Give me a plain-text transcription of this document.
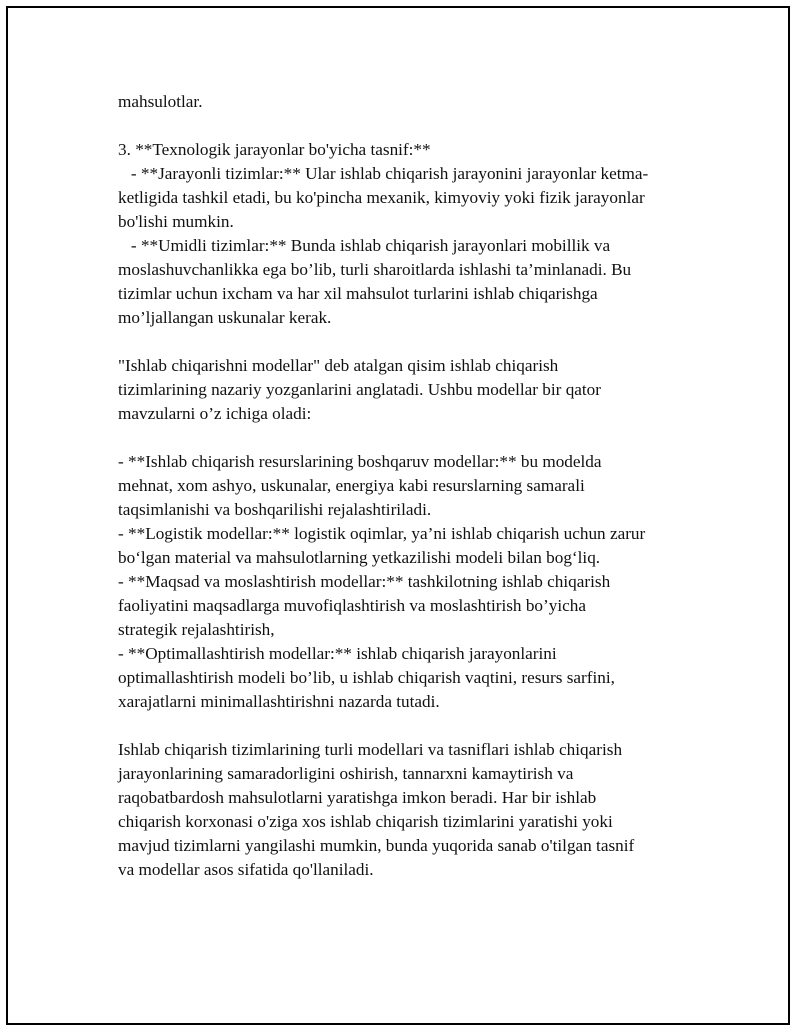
mahsulotlar.
3. **Texnologik jarayonlar bo'yicha tasnif:**
- **Jarayonli tizimlar:** Ular ishlab chiqarish jarayonini jarayonlar ketma-
ketligida tashkil etadi, bu ko'pincha mexanik, kimyoviy yoki fizik jarayonlar
bo'lishi mumkin.
- **Umidli tizimlar:** Bunda ishlab chiqarish jarayonlari mobillik va
moslashuvchanlikka ega bo’lib, turli sharoitlarda ishlashi ta’minlanadi. Bu
tizimlar uchun ixcham va har xil mahsulot turlarini ishlab chiqarishga
mo’ljallangan uskunalar kerak.
"Ishlab chiqarishni modellar" deb atalgan qisim ishlab chiqarish
tizimlarining nazariy yozganlarini anglatadi. Ushbu modellar bir qator
mavzularni o’z ichiga oladi:
- **Ishlab chiqarish resurslarining boshqaruv modellar:** bu modelda
mehnat, xom ashyo, uskunalar, energiya kabi resurslarning samarali
taqsimlanishi va boshqarilishi rejalashtiriladi.
- **Logistik modellar:** logistik oqimlar, ya’ni ishlab chiqarish uchun zarur
bo‘lgan material va mahsulotlarning yetkazilishi modeli bilan bog‘liq.
- **Maqsad va moslashtirish modellar:** tashkilotning ishlab chiqarish
faoliyatini maqsadlarga muvofiqlashtirish va moslashtirish bo’yicha
strategik rejalashtirish,
- **Optimallashtirish modellar:** ishlab chiqarish jarayonlarini
optimallashtirish modeli bo’lib, u ishlab chiqarish vaqtini, resurs sarfini,
xarajatlarni minimallashtirishni nazarda tutadi.
Ishlab chiqarish tizimlarining turli modellari va tasniflari ishlab chiqarish
jarayonlarining samaradorligini oshirish, tannarxni kamaytirish va
raqobatbardosh mahsulotlarni yaratishga imkon beradi. Har bir ishlab
chiqarish korxonasi o'ziga xos ishlab chiqarish tizimlarini yaratishi yoki
mavjud tizimlarni yangilashi mumkin, bunda yuqorida sanab o'tilgan tasnif
va modellar asos sifatida qo'llaniladi.
